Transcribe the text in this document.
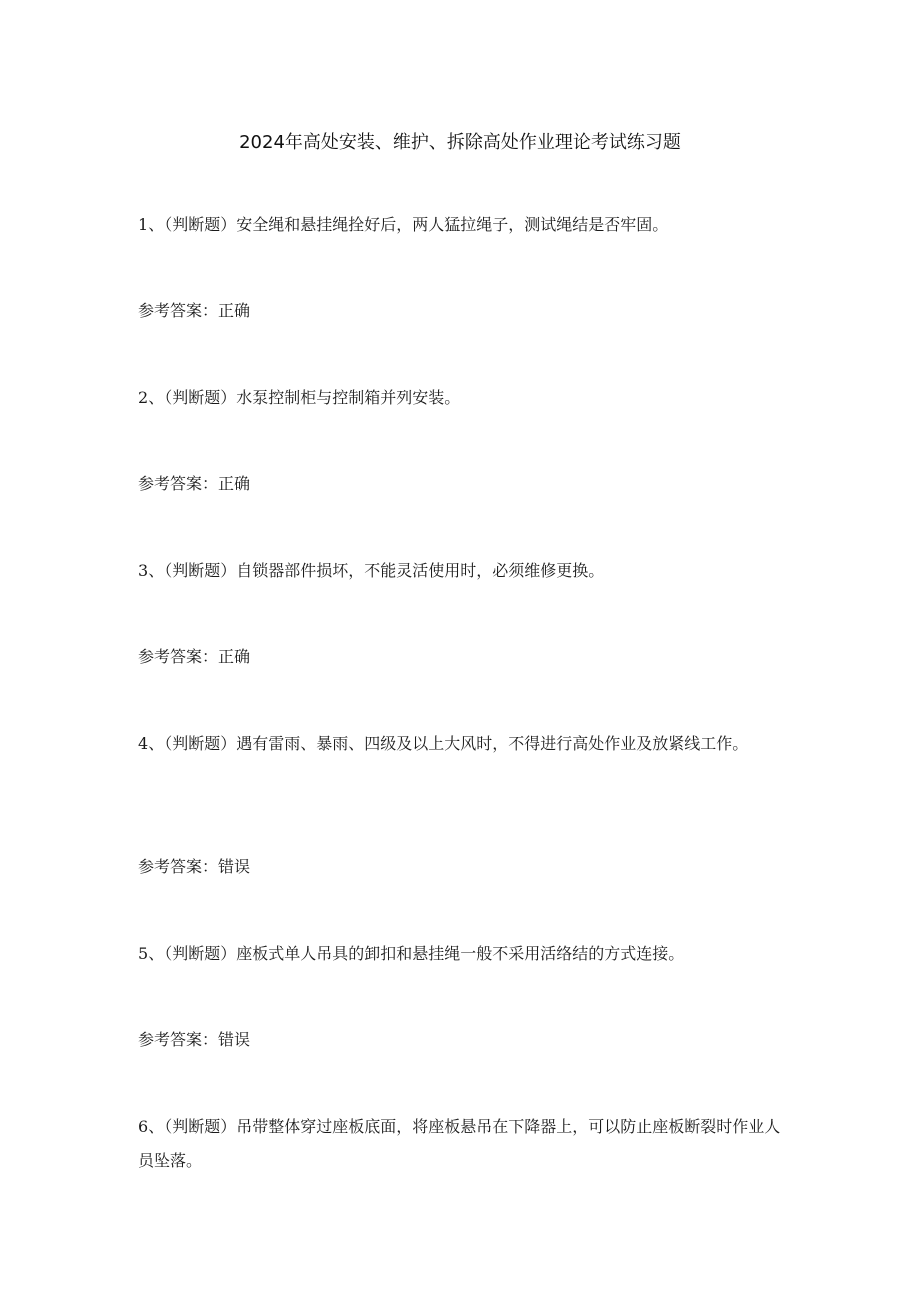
2024年高处安装、维护、拆除高处作业理论考试练习题
1、（判断题）安全绳和悬挂绳拴好后，两人猛拉绳子，测试绳结是否牢固。
参考答案：正确
2、（判断题）水泵控制柜与控制箱并列安装。
参考答案：正确
3、（判断题）自锁器部件损坏，不能灵活使用时，必须维修更换。
参考答案：正确
4、（判断题）遇有雷雨、暴雨、四级及以上大风时，不得进行高处作业及放紧线工作。
参考答案：错误
5、（判断题）座板式单人吊具的卸扣和悬挂绳一般不采用活络结的方式连接。
参考答案：错误
6、（判断题）吊带整体穿过座板底面，将座板悬吊在下降器上，可以防止座板断裂时作业人员坠落。
